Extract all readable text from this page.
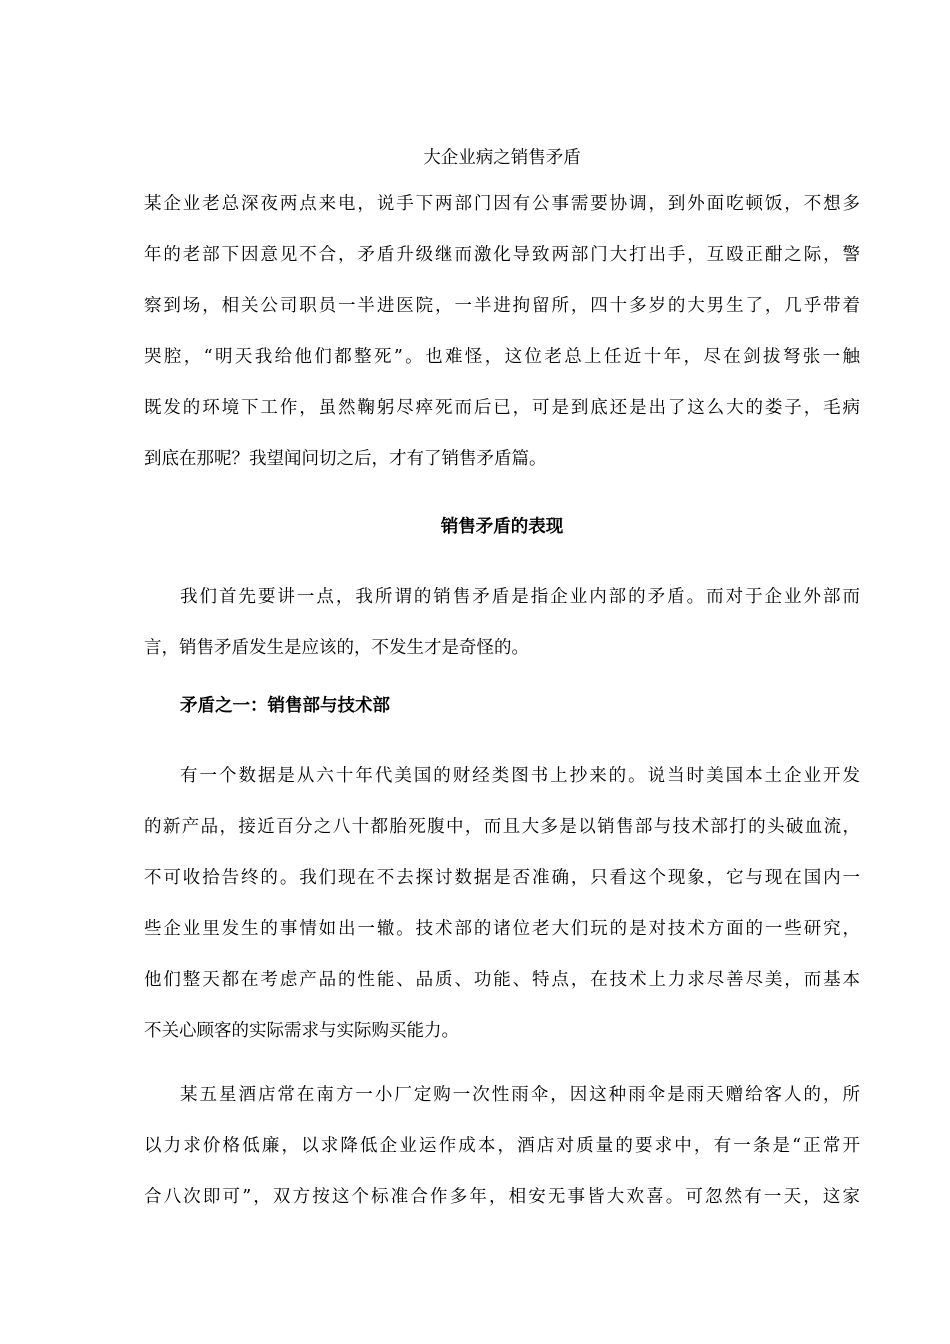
大企业病之销售矛盾
某企业老总深夜两点来电，说手下两部门因有公事需要协调，到外面吃顿饭，不想多
年的老部下因意见不合，矛盾升级继而激化导致两部门大打出手，互殴正酣之际，警
察到场，相关公司职员一半进医院，一半进拘留所，四十多岁的大男生了，几乎带着
哭腔，“明天我给他们都整死”。也难怪，这位老总上任近十年，尽在剑拔弩张一触
既发的环境下工作，虽然鞠躬尽瘁死而后已，可是到底还是出了这么大的娄子，毛病
到底在那呢？我望闻问切之后，才有了销售矛盾篇。
销售矛盾的表现
我们首先要讲一点，我所谓的销售矛盾是指企业内部的矛盾。而对于企业外部而
言，销售矛盾发生是应该的，不发生才是奇怪的。
矛盾之一：销售部与技术部
有一个数据是从六十年代美国的财经类图书上抄来的。说当时美国本土企业开发
的新产品，接近百分之八十都胎死腹中，而且大多是以销售部与技术部打的头破血流，
不可收拾告终的。我们现在不去探讨数据是否准确，只看这个现象，它与现在国内一
些企业里发生的事情如出一辙。技术部的诸位老大们玩的是对技术方面的一些研究，
他们整天都在考虑产品的性能、品质、功能、特点，在技术上力求尽善尽美，而基本
不关心顾客的实际需求与实际购买能力。
某五星酒店常在南方一小厂定购一次性雨伞，因这种雨伞是雨天赠给客人的，所
以力求价格低廉，以求降低企业运作成本，酒店对质量的要求中，有一条是“正常开
合八次即可”，双方按这个标准合作多年，相安无事皆大欢喜。可忽然有一天，这家
